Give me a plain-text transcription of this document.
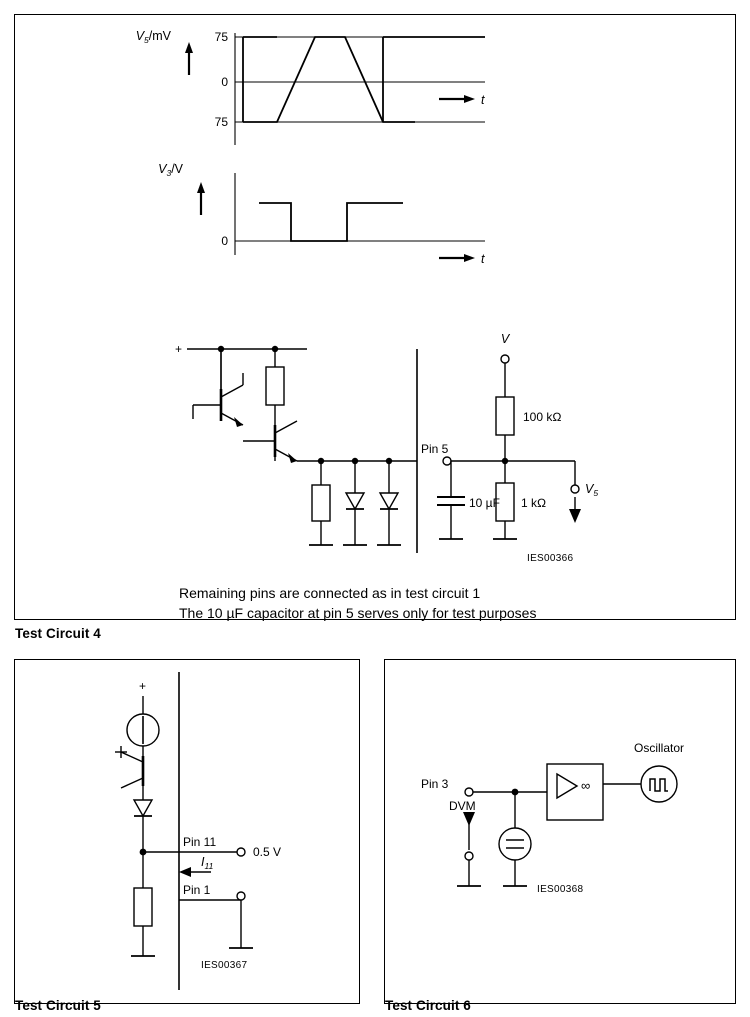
$V_5/mV$	75
0
75
t
$V_3/V$
0
t
+
V
100 kΩ
1 kΩ
10 µF
Pin 5
$V_5$
IES00366
Remaining pins are connected as in test circuit 1
The 10 µF capacitor at pin 5 serves only for test purposes
Test Circuit 4
+
Pin 11
Pin 1
0.5 V
$I_{11}$
IES00367
Test Circuit 5
∞
Pin 3
DVM
Oscillator
IES00368
Test Circuit 6
